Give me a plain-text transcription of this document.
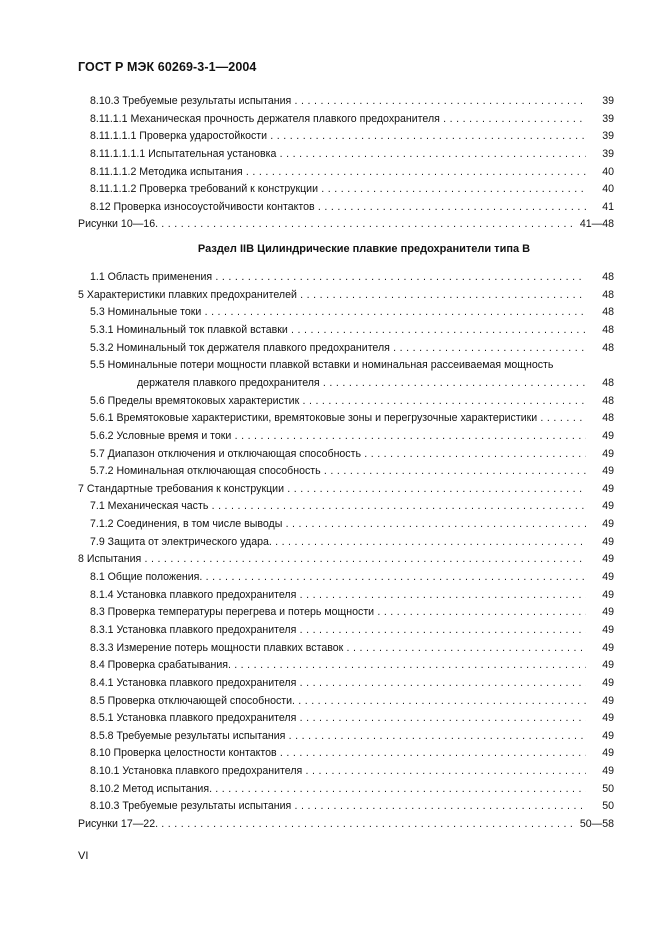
ГОСТ Р МЭК 60269-3-1—2004
8.10.3 Требуемые результаты испытания . . .	39
8.11.1.1 Механическая прочность держателя плавкого предохранителя . . .	39
8.11.1.1.1 Проверка ударостойкости . . .	39
8.11.1.1.1.1 Испытательная установка . . .	39
8.11.1.1.2 Методика испытания . . .	40
8.11.1.1.2 Проверка требований к конструкции . . .	40
8.12 Проверка износоустойчивости контактов . . .	41
Рисунки 10—16. . . .	41—48
Раздел IIB Цилиндрические плавкие предохранители типа В
1.1 Область применения . . .	48
5 Характеристики плавких предохранителей . . .	48
5.3 Номинальные токи . . .	48
5.3.1 Номинальный ток плавкой вставки . . .	48
5.3.2 Номинальный ток держателя плавкого предохранителя . . .	48
5.5 Номинальные потери мощности плавкой вставки и номинальная рассеиваемая мощность
держателя плавкого предохранителя . . .	48
5.6 Пределы времятоковых характеристик . . .	48
5.6.1 Времятоковые характеристики, времятоковые зоны и перегрузочные характеристики . . .	48
5.6.2 Условные время и токи . . .	49
5.7 Диапазон отключения и отключающая способность . . .	49
5.7.2 Номинальная отключающая способность . . .	49
7 Стандартные требования к конструкции . . .	49
7.1 Механическая часть . . .	49
7.1.2 Соединения, в том числе выводы . . .	49
7.9 Защита от электрического удара. . . .	49
8 Испытания . . .	49
8.1 Общие положения. . . .	49
8.1.4 Установка плавкого предохранителя . . .	49
8.3 Проверка температуры перегрева и потерь мощности . . .	49
8.3.1 Установка плавкого предохранителя . . .	49
8.3.3 Измерение потерь мощности плавких вставок . . .	49
8.4 Проверка срабатывания. . . .	49
8.4.1 Установка плавкого предохранителя . . .	49
8.5 Проверка отключающей способности. . . .	49
8.5.1 Установка плавкого предохранителя . . .	49
8.5.8 Требуемые результаты испытания . . .	49
8.10 Проверка целостности контактов . . .	49
8.10.1 Установка плавкого предохранителя . . .	49
8.10.2 Метод испытания. . . .	50
8.10.3 Требуемые результаты испытания . . .	50
Рисунки 17—22. . . .	50—58
VI
